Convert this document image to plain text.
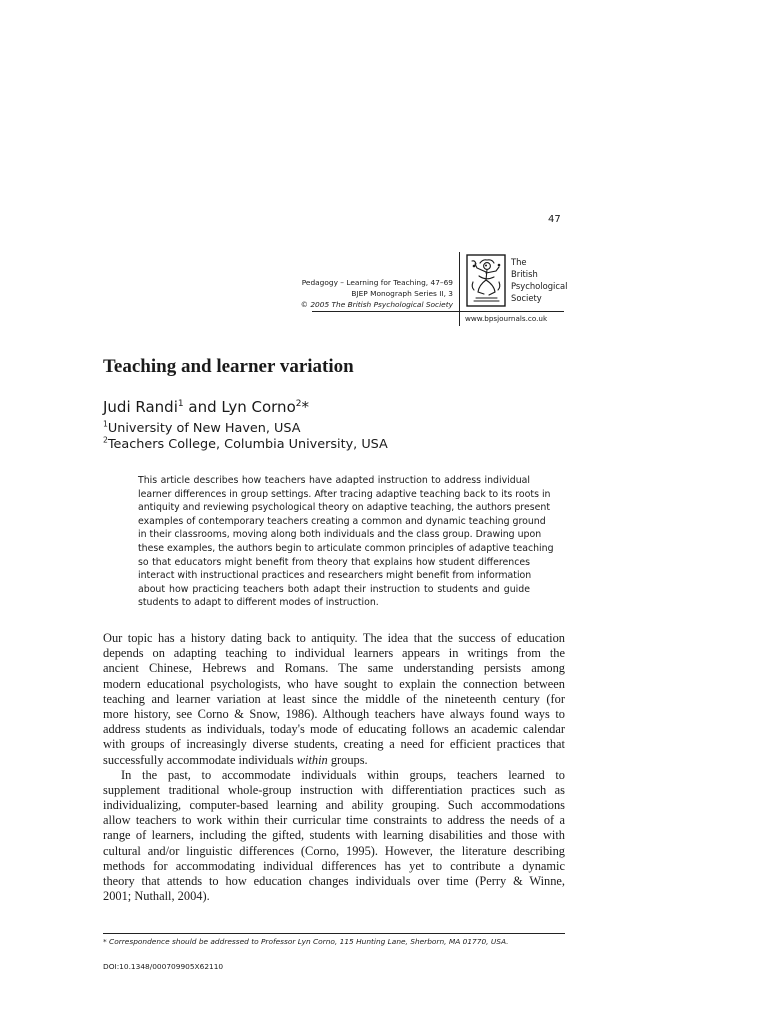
47
Pedagogy – Learning for Teaching, 47–69
BJEP Monograph Series II, 3
© 2005 The British Psychological Society
The
British
Psychological
Society
www.bpsjournals.co.uk
Teaching and learner variation
Judi Randi$^1$ and Lyn Corno$^2$*
$^1$University of New Haven, USA
$^2$Teachers College, Columbia University, USA
This article describes how teachers have adapted instruction to address individual
learner differences in group settings. After tracing adaptive teaching back to its roots in
antiquity and reviewing psychological theory on adaptive teaching, the authors present
examples of contemporary teachers creating a common and dynamic teaching ground
in their classrooms, moving along both individuals and the class group. Drawing upon
these examples, the authors begin to articulate common principles of adaptive teaching
so that educators might benefit from theory that explains how student differences
interact with instructional practices and researchers might benefit from information
about how practicing teachers both adapt their instruction to students and guide
students to adapt to different modes of instruction.
Our topic has a history dating back to antiquity. The idea that the success of education
depends on adapting teaching to individual learners appears in writings from the
ancient Chinese, Hebrews and Romans. The same understanding persists among
modern educational psychologists, who have sought to explain the connection between
teaching and learner variation at least since the middle of the nineteenth century (for
more history, see Corno & Snow, 1986). Although teachers have always found ways to
address students as individuals, today's mode of educating follows an academic calendar
with groups of increasingly diverse students, creating a need for efficient practices that
successfully accommodate individuals within groups.
In the past, to accommodate individuals within groups, teachers learned to
supplement traditional whole-group instruction with differentiation practices such as
individualizing, computer-based learning and ability grouping. Such accommodations
allow teachers to work within their curricular time constraints to address the needs of a
range of learners, including the gifted, students with learning disabilities and those with
cultural and/or linguistic differences (Corno, 1995). However, the literature describing
methods for accommodating individual differences has yet to contribute a dynamic
theory that attends to how education changes individuals over time (Perry & Winne,
2001; Nuthall, 2004).
* Correspondence should be addressed to Professor Lyn Corno, 115 Hunting Lane, Sherborn, MA 01770, USA.
DOI:10.1348/000709905X62110
